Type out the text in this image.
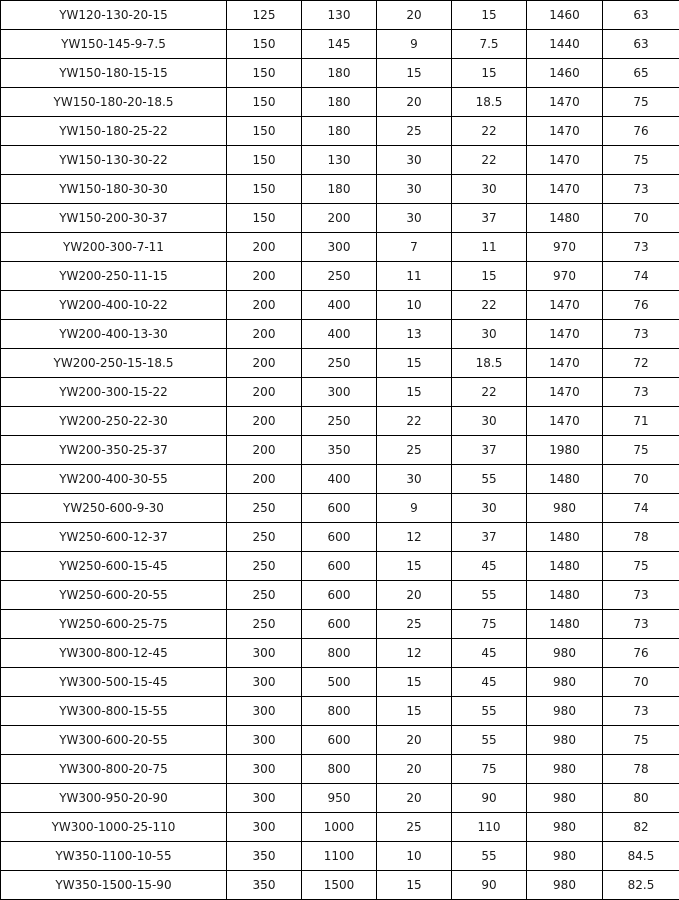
YW120-130-20-15	125	130	20	15	1460	63
YW150-145-9-7.5	150	145	9	7.5	1440	63
YW150-180-15-15	150	180	15	15	1460	65
YW150-180-20-18.5	150	180	20	18.5	1470	75
YW150-180-25-22	150	180	25	22	1470	76
YW150-130-30-22	150	130	30	22	1470	75
YW150-180-30-30	150	180	30	30	1470	73
YW150-200-30-37	150	200	30	37	1480	70
YW200-300-7-11	200	300	7	11	970	73
YW200-250-11-15	200	250	11	15	970	74
YW200-400-10-22	200	400	10	22	1470	76
YW200-400-13-30	200	400	13	30	1470	73
YW200-250-15-18.5	200	250	15	18.5	1470	72
YW200-300-15-22	200	300	15	22	1470	73
YW200-250-22-30	200	250	22	30	1470	71
YW200-350-25-37	200	350	25	37	1980	75
YW200-400-30-55	200	400	30	55	1480	70
YW250-600-9-30	250	600	9	30	980	74
YW250-600-12-37	250	600	12	37	1480	78
YW250-600-15-45	250	600	15	45	1480	75
YW250-600-20-55	250	600	20	55	1480	73
YW250-600-25-75	250	600	25	75	1480	73
YW300-800-12-45	300	800	12	45	980	76
YW300-500-15-45	300	500	15	45	980	70
YW300-800-15-55	300	800	15	55	980	73
YW300-600-20-55	300	600	20	55	980	75
YW300-800-20-75	300	800	20	75	980	78
YW300-950-20-90	300	950	20	90	980	80
YW300-1000-25-110	300	1000	25	110	980	82
YW350-1100-10-55	350	1100	10	55	980	84.5
YW350-1500-15-90	350	1500	15	90	980	82.5
